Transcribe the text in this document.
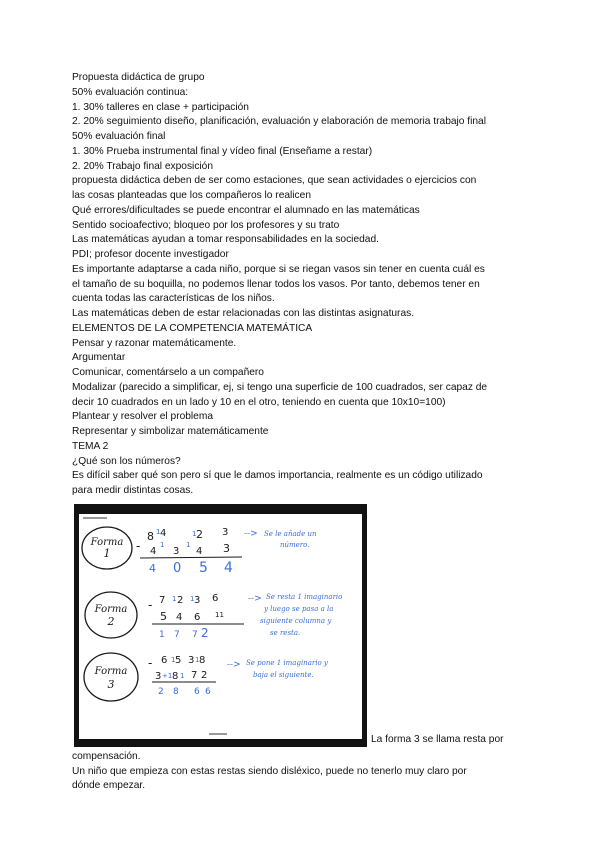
Propuesta didáctica de grupo
50% evaluación continua:
1. 30% talleres en clase + participación
2. 20% seguimiento diseño, planificación, evaluación y elaboración de memoria trabajo final
50% evaluación final
1. 30% Prueba instrumental final y vídeo final (Enseñame a restar)
2. 20% Trabajo final exposición
propuesta didáctica deben de ser como estaciones, que sean actividades o ejercicios con
las cosas planteadas que los compañeros lo realicen
Qué errores/dificultades se puede encontrar el alumnado en las matemáticas
Sentido socioafectivo; bloqueo por los profesores y su trato
Las matemáticas ayudan a tomar responsabilidades en la sociedad.
PDI; profesor docente investigador
Es importante adaptarse a cada niño, porque si se riegan vasos sin tener en cuenta cuál es
el tamaño de su boquilla, no podemos llenar todos los vasos. Por tanto, debemos tener en
cuenta todas las características de los niños.
Las matemáticas deben de estar relacionadas con las distintas asignaturas.
ELEMENTOS DE LA COMPETENCIA MATEMÁTICA
Pensar y razonar matemáticamente.
Argumentar
Comunicar, comentárselo a un compañero
Modalizar (parecido a simplificar, ej, si tengo una superficie de 100 cuadrados, ser capaz de
decir 10 cuadrados en un lado y 10 en el otro, teniendo en cuenta que 10x10=100)
Plantear y resolver el problema
Representar y simbolizar matemáticamente
TEMA 2
¿Qué son los números?
Es difícil saber qué son pero sí que le damos importancia, realmente es un código utilizado
para medir distintas cosas.
Forma
1
8 1 4	1 2 3
- 4 3 4 3
1	1
4 0 5 4
--> Se le añade un
número.
Forma
2
7 1 2 1 3 6
-
5 4 6 11
1 7 7 2
--> Se resta 1 imaginario
y luego se pasa a la
siguiente columna y
se resta.
Forma
3
6 1 5 3 1 8
-
3 +1 8 1 7 2
2 8 6 6
--> Se pone 1 imaginario y
baja el siguiente.
La forma 3 se llama resta por
compensación.
Un niño que empieza con estas restas siendo disléxico, puede no tenerlo muy claro por
dónde empezar.
